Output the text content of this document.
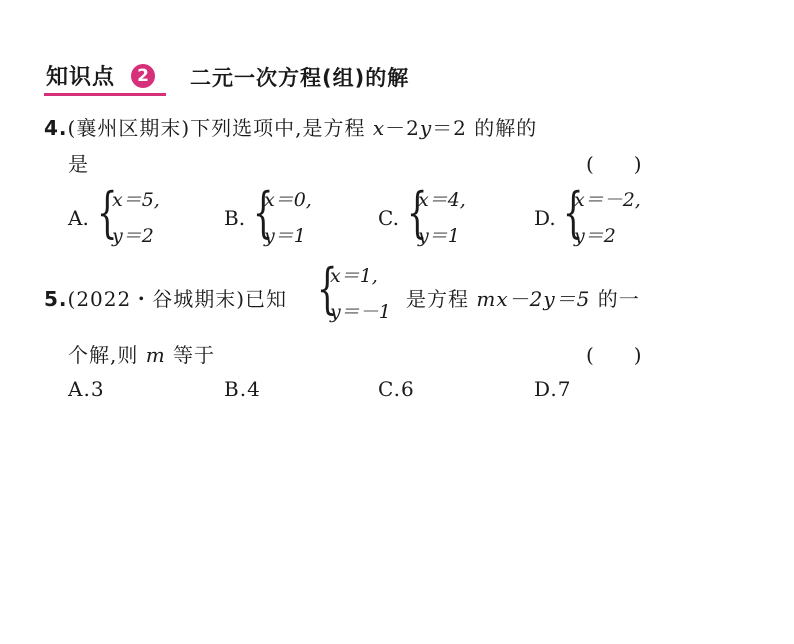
知识点	2 二元一次方程(组)的解
4.(襄州区期末)下列选项中,是方程 x－2y＝2 的解的
是	(　　)
A. {
x＝5,
y＝2
B. {
x＝0,
y＝1
C. {
x＝4,
y＝1
D. {
x＝－2,
y＝2
5.(2022・谷城期末)已知 {
x＝1,
y＝－1
是方程 mx－2y＝5 的一
个解,则 m 等于	(　　)
A.3	B.4	C.6	D.7
